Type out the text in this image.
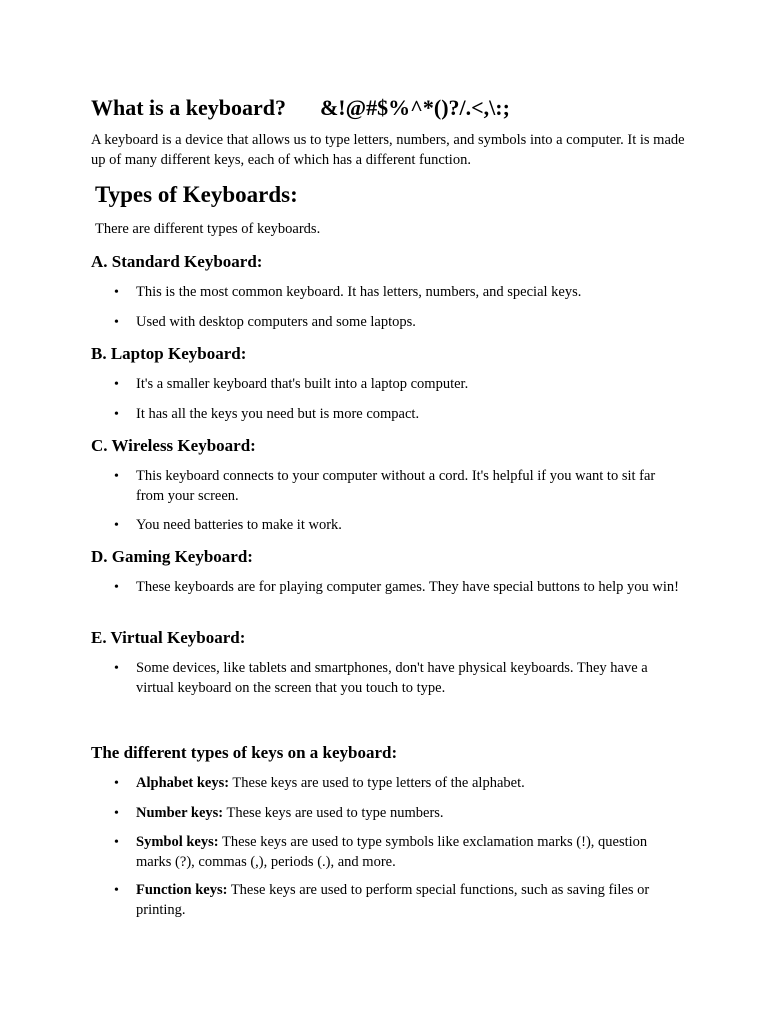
What is a keyboard? &!@#$%^*()?/.<,\:;
A keyboard is a device that allows us to type letters, numbers, and symbols into a computer. It is made up of many different keys, each of which has a different function.
Types of Keyboards:
There are different types of keyboards.
A. Standard Keyboard:
• This is the most common keyboard. It has letters, numbers, and special keys.
• Used with desktop computers and some laptops.
B. Laptop Keyboard:
• It's a smaller keyboard that's built into a laptop computer.
• It has all the keys you need but is more compact.
C. Wireless Keyboard:
• This keyboard connects to your computer without a cord. It's helpful if you want to sit far from your screen.
• You need batteries to make it work.
D. Gaming Keyboard:
• These keyboards are for playing computer games. They have special buttons to help you win!
E. Virtual Keyboard:
• Some devices, like tablets and smartphones, don't have physical keyboards. They have a virtual keyboard on the screen that you touch to type.
The different types of keys on a keyboard:
• Alphabet keys: These keys are used to type letters of the alphabet.
• Number keys: These keys are used to type numbers.
• Symbol keys: These keys are used to type symbols like exclamation marks (!), question marks (?), commas (,), periods (.), and more.
• Function keys: These keys are used to perform special functions, such as saving files or printing.
